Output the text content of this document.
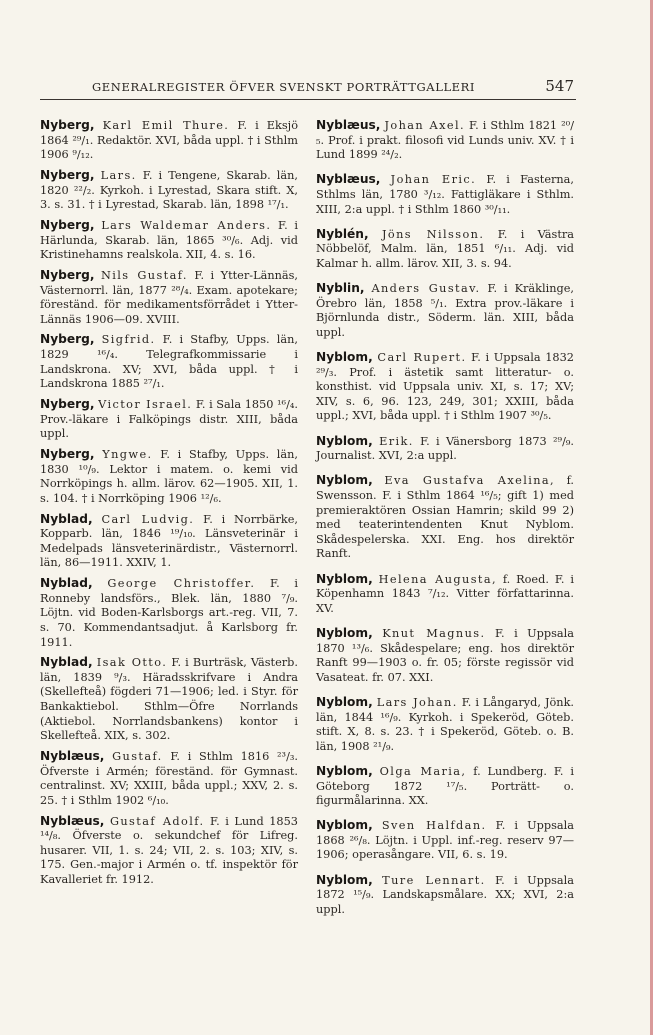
GENERALREGISTER ÖFVER SVENSKT PORTRÄTTGALLERI	547

Nyberg, Karl Emil Thure. F. i Eksjö 1864 ²⁹/₁. Redaktör. XVI, båda uppl. † i Sthlm 1906 ⁹/₁₂.

Nyberg, Lars. F. i Tengene, Skarab. län, 1820 ²²/₂. Kyrkoh. i Lyrestad, Skara stift. X, 3. s. 31. † i Lyrestad, Skarab. län, 1898 ¹⁷/₁.

Nyberg, Lars Waldemar Anders. F. i Härlunda, Skarab. län, 1865 ³⁰/₆. Adj. vid Kristinehamns realskola. XII, 4. s. 16.

Nyberg, Nils Gustaf. F. i Ytter-Lännäs, Västernorrl. län, 1877 ²⁸/₄. Exam. apotekare; föreständ. för medikamentsförrådet i Ytter-Lännäs 1906—09. XVIII.

Nyberg, Sigfrid. F. i Stafby, Upps. län, 1829 ¹⁶/₄. Telegrafkommissarie i Landskrona. XV; XVI, båda uppl. † i Landskrona 1885 ²⁷/₁.

Nyberg, Victor Israel. F. i Sala 1850 ¹⁶/₄. Prov.-läkare i Falköpings distr. XIII, båda uppl.

Nyberg, Yngwe. F. i Stafby, Upps. län, 1830 ¹⁰/₉. Lektor i matem. o. kemi vid Norrköpings h. allm. lärov. 62—1905. XII, 1. s. 104. † i Norrköping 1906 ¹²/₆.

Nyblad, Carl Ludvig. F. i Norrbärke, Kopparb. län, 1846 ¹⁹/₁₀. Länsveterinär i Medelpads länsveterinärdistr., Västernorrl. län, 86—1911. XXIV, 1.

Nyblad, George Christoffer. F. i Ronneby landsförs., Blek. län, 1880 ⁷/₉. Löjtn. vid Boden-Karlsborgs art.-reg. VII, 7. s. 70. Kommendantsadjut. å Karlsborg fr. 1911.

Nyblad, Isak Otto. F. i Burträsk, Västerb. län, 1839 ⁹/₃. Häradsskrifvare i Andra (Skellefteå) fögderi 71—1906; led. i Styr. för Bankaktiebol. Sthlm—Öfre Norrlands (Aktiebol. Norrlandsbankens) kontor i Skellefteå. XIX, s. 302.

Nyblæus, Gustaf. F. i Sthlm 1816 ²³/₃. Öfverste i Armén; föreständ. för Gymnast. centralinst. XV; XXIII, båda uppl.; XXV, 2. s. 25. † i Sthlm 1902 ⁶/₁₀.

Nyblæus, Gustaf Adolf. F. i Lund 1853 ¹⁴/₈. Öfverste o. sekundchef för Lifreg. husarer. VII, 1. s. 24; VII, 2. s. 103; XIV, s. 175. Gen.-major i Armén o. tf. inspektör för Kavalleriet fr. 1912.

Nyblæus, Johan Axel. F. i Sthlm 1821 ²⁰/₅. Prof. i prakt. filosofi vid Lunds univ. XV. † i Lund 1899 ²⁴/₂.

Nyblæus, Johan Eric. F. i Fasterna, Sthlms län, 1780 ³/₁₂. Fattigläkare i Sthlm. XIII, 2:a uppl. † i Sthlm 1860 ³⁰/₁₁.

Nyblén, Jöns Nilsson. F. i Västra Nöbbelöf, Malm. län, 1851 ⁶/₁₁. Adj. vid Kalmar h. allm. lärov. XII, 3. s. 94.

Nyblin, Anders Gustav. F. i Kräklinge, Örebro län, 1858 ⁵/₁. Extra prov.-läkare i Björnlunda distr., Söderm. län. XIII, båda uppl.

Nyblom, Carl Rupert. F. i Uppsala 1832 ²⁹/₃. Prof. i ästetik samt litteratur- o. konsthist. vid Uppsala univ. XI, s. 17; XV; XIV, s. 6, 96. 123, 249, 301; XXIII, båda uppl.; XVI, båda uppl. † i Sthlm 1907 ³⁰/₅.

Nyblom, Erik. F. i Vänersborg 1873 ²⁹/₉. Journalist. XVI, 2:a uppl.

Nyblom, Eva Gustafva Axelina, f. Swensson. F. i Sthlm 1864 ¹⁶/₅; gift 1) med premieraktören Ossian Hamrin; skild 99 2) med teaterintendenten Knut Nyblom. Skådespelerska. XXI. Eng. hos direktör Ranft.

Nyblom, Helena Augusta, f. Roed. F. i Köpenhamn 1843 ⁷/₁₂. Vitter författarinna. XV.

Nyblom, Knut Magnus. F. i Uppsala 1870 ¹³/₆. Skådespelare; eng. hos direktör Ranft 99—1903 o. fr. 05; förste regissör vid Vasateat. fr. 07. XXI.

Nyblom, Lars Johan. F. i Långaryd, Jönk. län, 1844 ¹⁶/₉. Kyrkoh. i Spekeröd, Göteb. stift. X, 8. s. 23. † i Spekeröd, Göteb. o. B. län, 1908 ²¹/₉.

Nyblom, Olga Maria, f. Lundberg. F. i Göteborg 1872 ¹⁷/₅. Porträtt- o. figurmålarinna. XX.

Nyblom, Sven Halfdan. F. i Uppsala 1868 ²⁶/₈. Löjtn. i Uppl. inf.-reg. reserv 97—1906; operasångare. VII, 6. s. 19.

Nyblom, Ture Lennart. F. i Uppsala 1872 ¹⁵/₉. Landskapsmålare. XX; XVI, 2:a uppl.
